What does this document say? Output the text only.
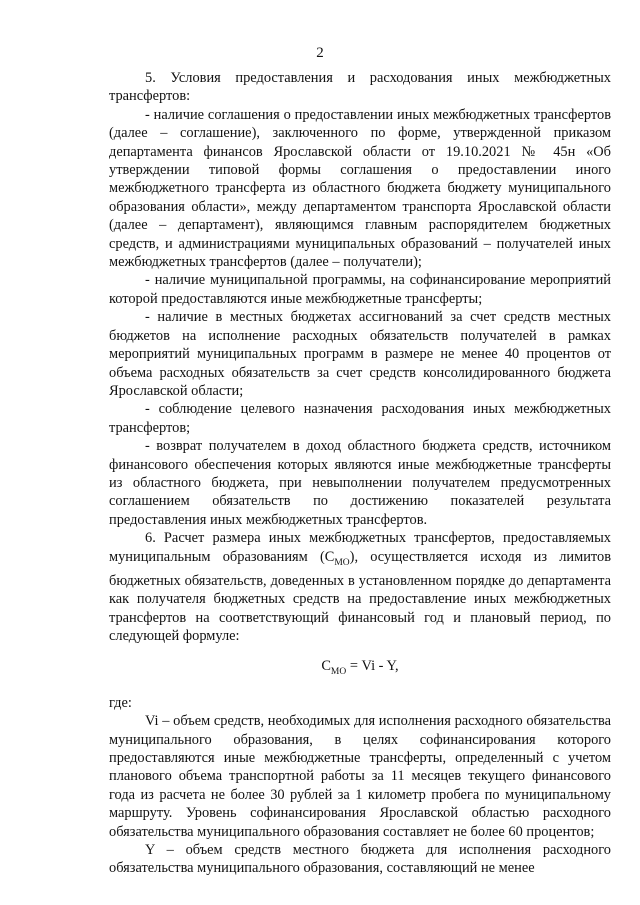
2

5. Условия предоставления и расходования иных межбюджетных трансфертов:

- наличие соглашения о предоставлении иных межбюджетных трансфертов (далее – соглашение), заключенного по форме, утвержденной приказом департамента финансов Ярославской области от 19.10.2021 № 45н «Об утверждении типовой формы соглашения о предоставлении иного межбюджетного трансферта из областного бюджета бюджету муниципального образования области», между департаментом транспорта Ярославской области (далее – департамент), являющимся главным распорядителем бюджетных средств, и администрациями муниципальных образований – получателей иных межбюджетных трансфертов (далее – получатели);

- наличие муниципальной программы, на софинансирование мероприятий которой предоставляются иные межбюджетные трансферты;

- наличие в местных бюджетах ассигнований за счет средств местных бюджетов на исполнение расходных обязательств получателей в рамках мероприятий муниципальных программ в размере не менее 40 процентов от объема расходных обязательств за счет средств консолидированного бюджета Ярославской области;

- соблюдение целевого назначения расходования иных межбюджетных трансфертов;

- возврат получателем в доход областного бюджета средств, источником финансового обеспечения которых являются иные межбюджетные трансферты из областного бюджета, при невыполнении получателем предусмотренных соглашением обязательств по достижению показателей результата предоставления иных межбюджетных трансфертов.

6. Расчет размера иных межбюджетных трансфертов, предоставляемых муниципальным образованиям $(С_{МО})$, осуществляется исходя из лимитов бюджетных обязательств, доведенных в установленном порядке до департамента как получателя бюджетных средств на предоставление иных межбюджетных трансфертов на соответствующий финансовый год и плановый период, по следующей формуле:

$С_{МО} = Vi - Y$,

где:

Vi – объем средств, необходимых для исполнения расходного обязательства муниципального образования, в целях софинансирования которого предоставляются иные межбюджетные трансферты, определенный с учетом планового объема транспортной работы за 11 месяцев текущего финансового года из расчета не более 30 рублей за 1 километр пробега по муниципальному маршруту. Уровень софинансирования Ярославской областью расходного обязательства муниципального образования составляет не более 60 процентов;

Y – объем средств местного бюджета для исполнения расходного обязательства муниципального образования, составляющий не менее
